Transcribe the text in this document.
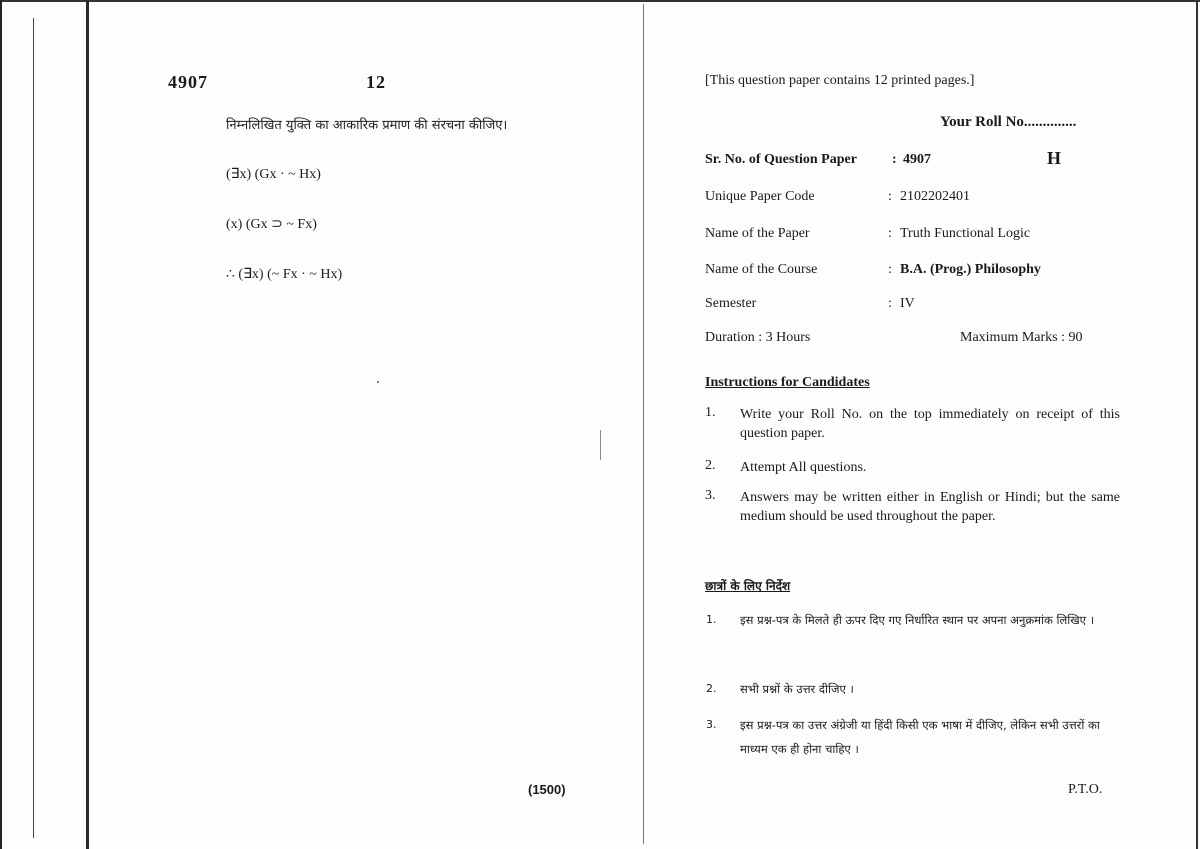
4907	12
निम्नलिखित युक्ति का आकारिक प्रमाण की संरचना कीजिए।
(∃x) (Gx · ~ Hx)
(x) (Gx ⊃ ~ Fx)
∴ (∃x) (~ Fx · ~ Hx)
(1500)
[This question paper contains 12 printed pages.]
Your Roll No..............
Sr. No. of Question Paper	: 4907	H
Unique Paper Code	: 2102202401
Name of the Paper	: Truth Functional Logic
Name of the Course	: B.A. (Prog.) Philosophy
Semester	: IV
Duration : 3 Hours	Maximum Marks : 90
Instructions for Candidates
1. Write your Roll No. on the top immediately on receipt of this question paper.
2. Attempt All questions.
3. Answers may be written either in English or Hindi; but the same medium should be used throughout the paper.
छात्रों के लिए निर्देश
1. इस प्रश्न-पत्र के मिलते ही ऊपर दिए गए निर्धारित स्थान पर अपना अनुक्रमांक लिखिए ।
2. सभी प्रश्नों के उत्तर दीजिए ।
3. इस प्रश्न-पत्र का उत्तर अंग्रेजी या हिंदी किसी एक भाषा में दीजिए, लेकिन सभी उत्तरों का माध्यम एक ही होना चाहिए ।
P.T.O.
